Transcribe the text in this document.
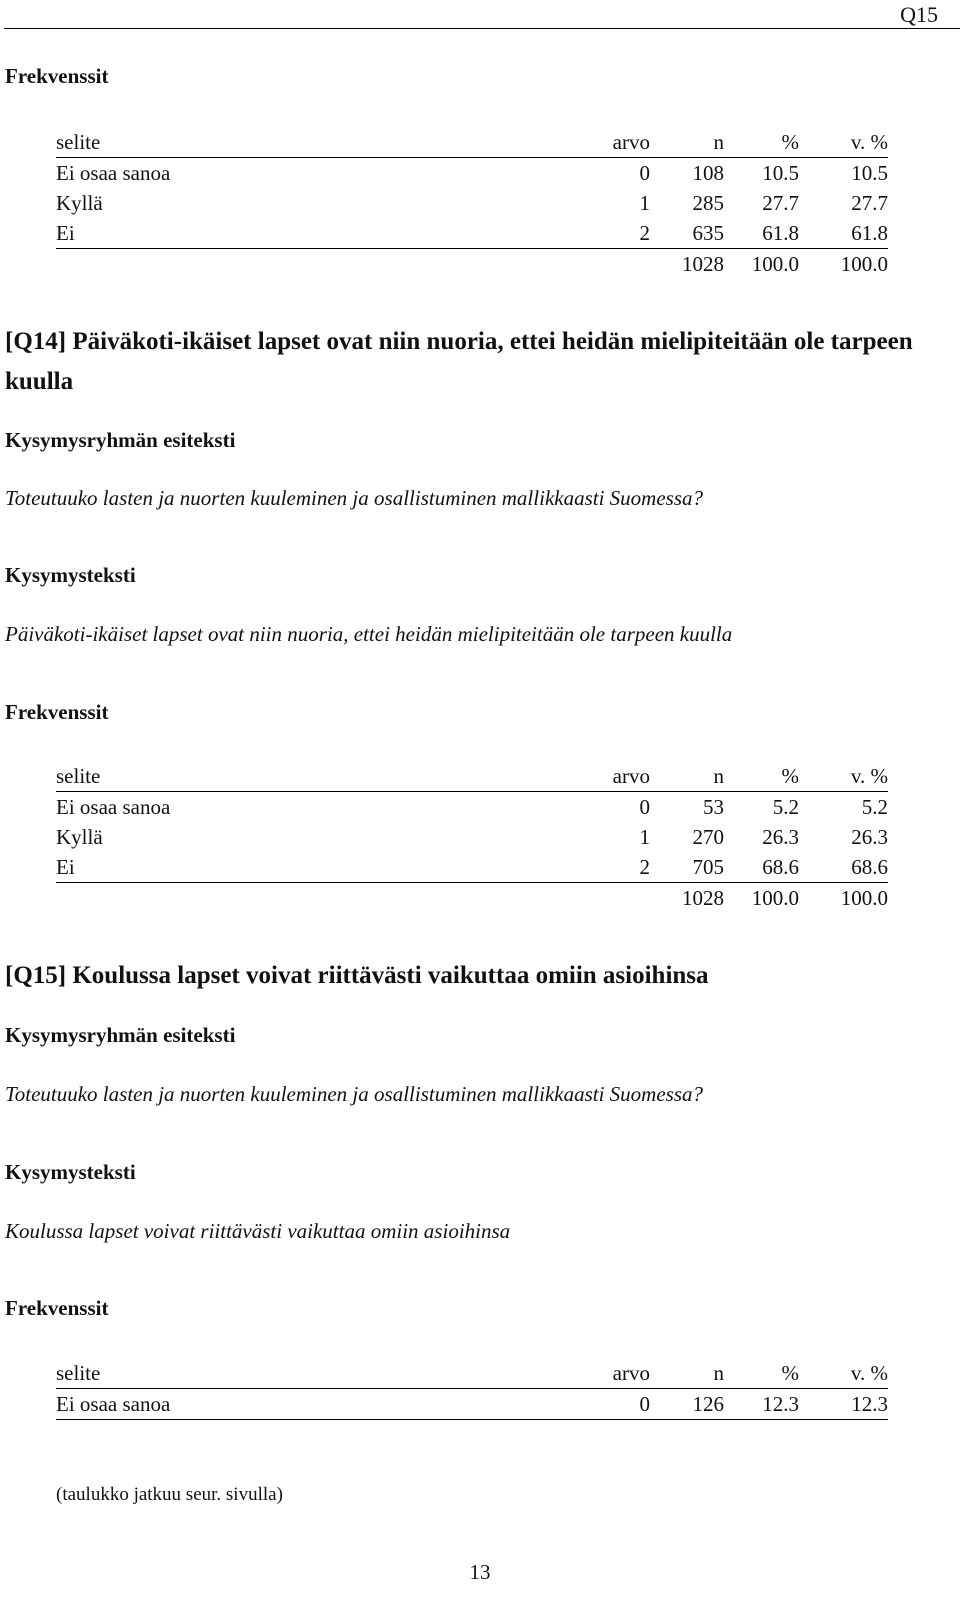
Q15
Frekvenssit
selite	arvo	n	%	v. %
Ei osaa sanoa	0	108	10.5	10.5
Kyllä	1	285	27.7	27.7
Ei	2	635	61.8	61.8
		1028	100.0	100.0
[Q14] Päiväkoti-ikäiset lapset ovat niin nuoria, ettei heidän mielipiteitään ole tarpeen kuulla
Kysymysryhmän esiteksti
Toteutuuko lasten ja nuorten kuuleminen ja osallistuminen mallikkaasti Suomessa?
Kysymysteksti
Päiväkoti-ikäiset lapset ovat niin nuoria, ettei heidän mielipiteitään ole tarpeen kuulla
Frekvenssit
selite	arvo	n	%	v. %
Ei osaa sanoa	0	53	5.2	5.2
Kyllä	1	270	26.3	26.3
Ei	2	705	68.6	68.6
		1028	100.0	100.0
[Q15] Koulussa lapset voivat riittävästi vaikuttaa omiin asioihinsa
Kysymysryhmän esiteksti
Toteutuuko lasten ja nuorten kuuleminen ja osallistuminen mallikkaasti Suomessa?
Kysymysteksti
Koulussa lapset voivat riittävästi vaikuttaa omiin asioihinsa
Frekvenssit
selite	arvo	n	%	v. %
Ei osaa sanoa	0	126	12.3	12.3
(taulukko jatkuu seur. sivulla)
13
